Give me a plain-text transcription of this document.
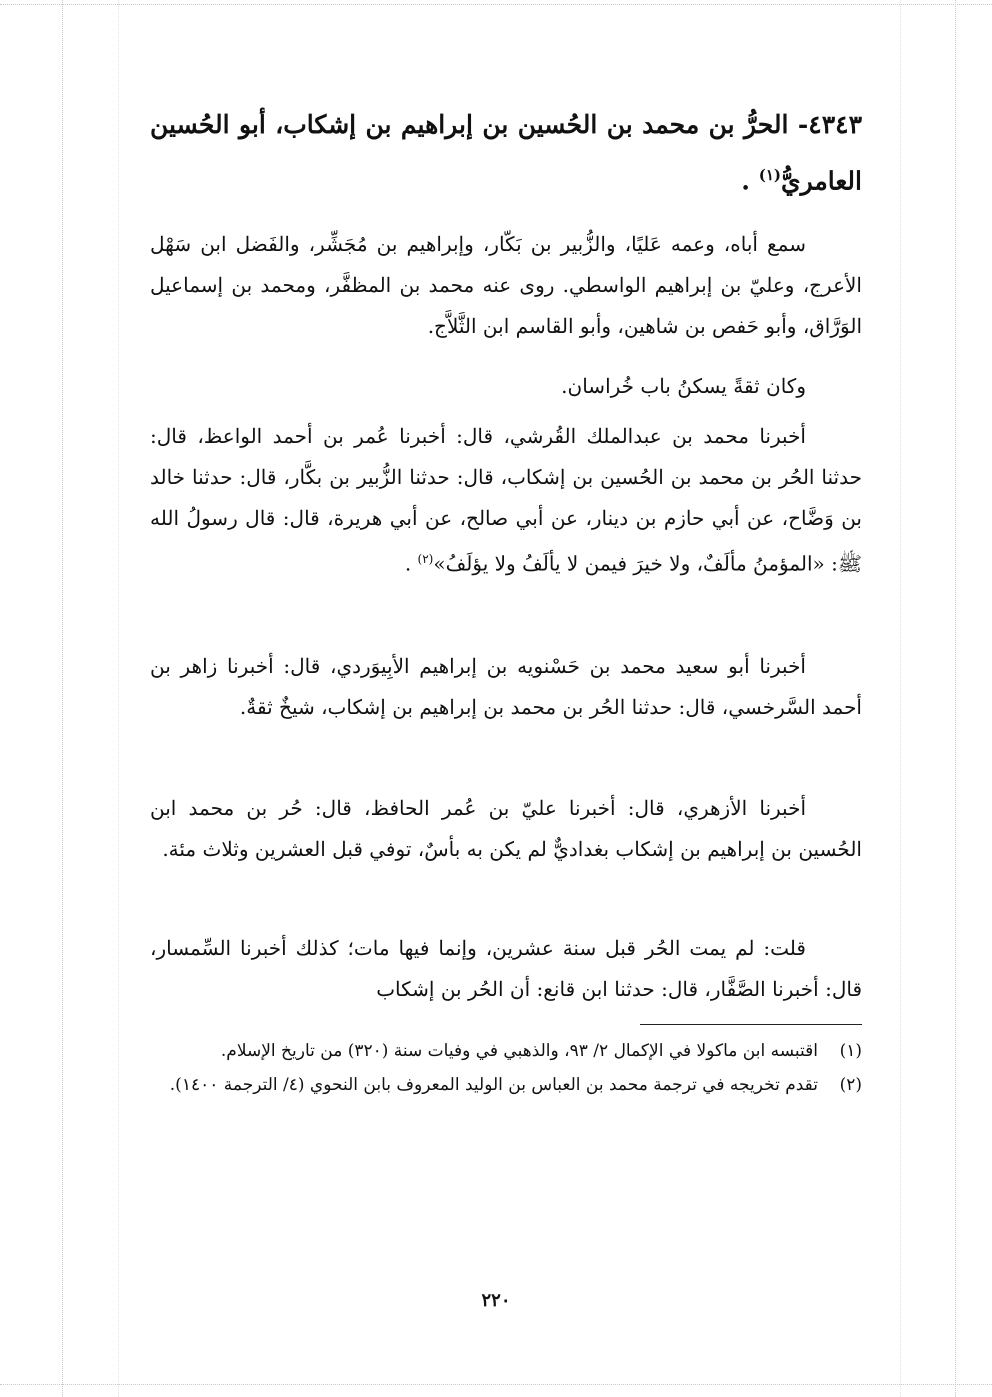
٤٣٤٣- الحرُّ بن محمد بن الحُسين بن إبراهيم بن إشكاب، أبو الحُسين العامريُّ$^{(١)}$ .
سمع أباه، وعمه عَليًا، والزُّبير بن بَكّار، وإبراهيم بن مُجَشِّر، والفَضل ابن سَهْل الأعرج، وعليّ بن إبراهيم الواسطي. روى عنه محمد بن المظفَّر، ومحمد بن إسماعيل الوَرَّاق، وأبو حَفص بن شاهين، وأبو القاسم ابن الثَّلاَّج.
وكان ثقةً يسكنُ باب خُراسان.
أخبرنا محمد بن عبدالملك القُرشي، قال: أخبرنا عُمر بن أحمد الواعظ، قال: حدثنا الحُر بن محمد بن الحُسين بن إشكاب، قال: حدثنا الزُّبير بن بكَّار، قال: حدثنا خالد بن وَضَّاح، عن أبي حازم بن دينار، عن أبي صالح، عن أبي هريرة، قال: قال رسولُ الله ﷺ: «المؤمنُ مألَفٌ، ولا خيرَ فيمن لا يألَفُ ولا يؤلَفُ»$^{(٢)}$ .
أخبرنا أبو سعيد محمد بن حَسْنويه بن إبراهيم الأبِيوَردي، قال: أخبرنا زاهر بن أحمد السَّرخسي، قال: حدثنا الحُر بن محمد بن إبراهيم بن إشكاب، شيخٌ ثقةٌ.
أخبرنا الأزهري، قال: أخبرنا عليّ بن عُمر الحافظ، قال: حُر بن محمد ابن الحُسين بن إبراهيم بن إشكاب بغداديٌّ لم يكن به بأسٌ، توفي قبل العشرين وثلاث مئة.
قلت: لم يمت الحُر قبل سنة عشرين، وإنما فيها مات؛ كذلك أخبرنا السِّمسار، قال: أخبرنا الصَّفَّار، قال: حدثنا ابن قانع: أن الحُر بن إشكاب
(١)
اقتبسه ابن ماكولا في الإكمال ٢/ ٩٣، والذهبي في وفيات سنة (٣٢٠) من تاريخ الإسلام.
(٢)
تقدم تخريجه في ترجمة محمد بن العباس بن الوليد المعروف بابن النحوي (٤/ الترجمة ١٤٠٠).
٢٢٠
